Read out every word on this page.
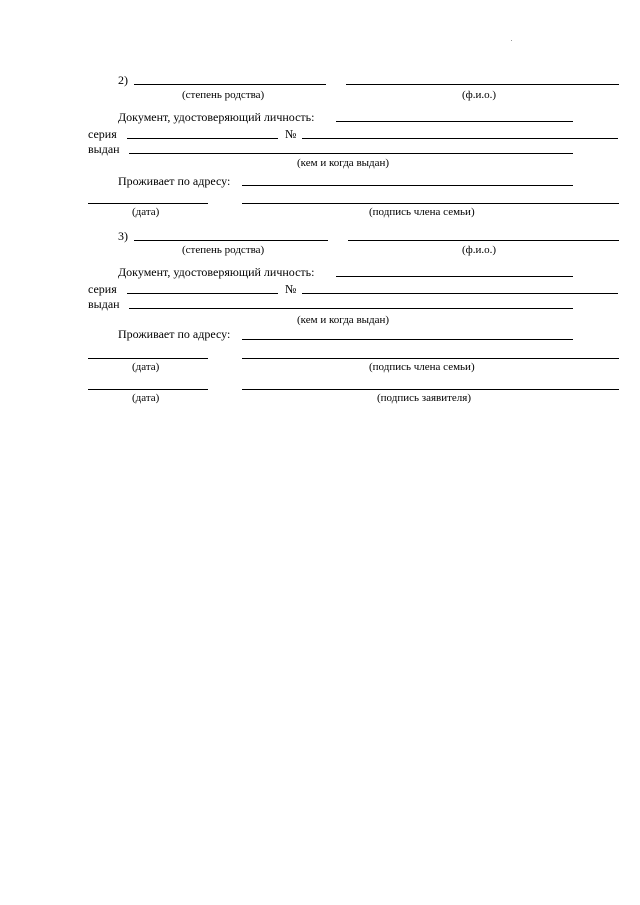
2)
(степень родства)	(ф.и.о.)
Документ, удостоверяющий личность:
серия	№
выдан
(кем и когда выдан)
Проживает по адресу:
(дата)	(подпись члена семьи)
3)
(степень родства)	(ф.и.о.)
Документ, удостоверяющий личность:
серия	№
выдан
(кем и когда выдан)
Проживает по адресу:
(дата)	(подпись члена семьи)
(дата)	(подпись заявителя)
